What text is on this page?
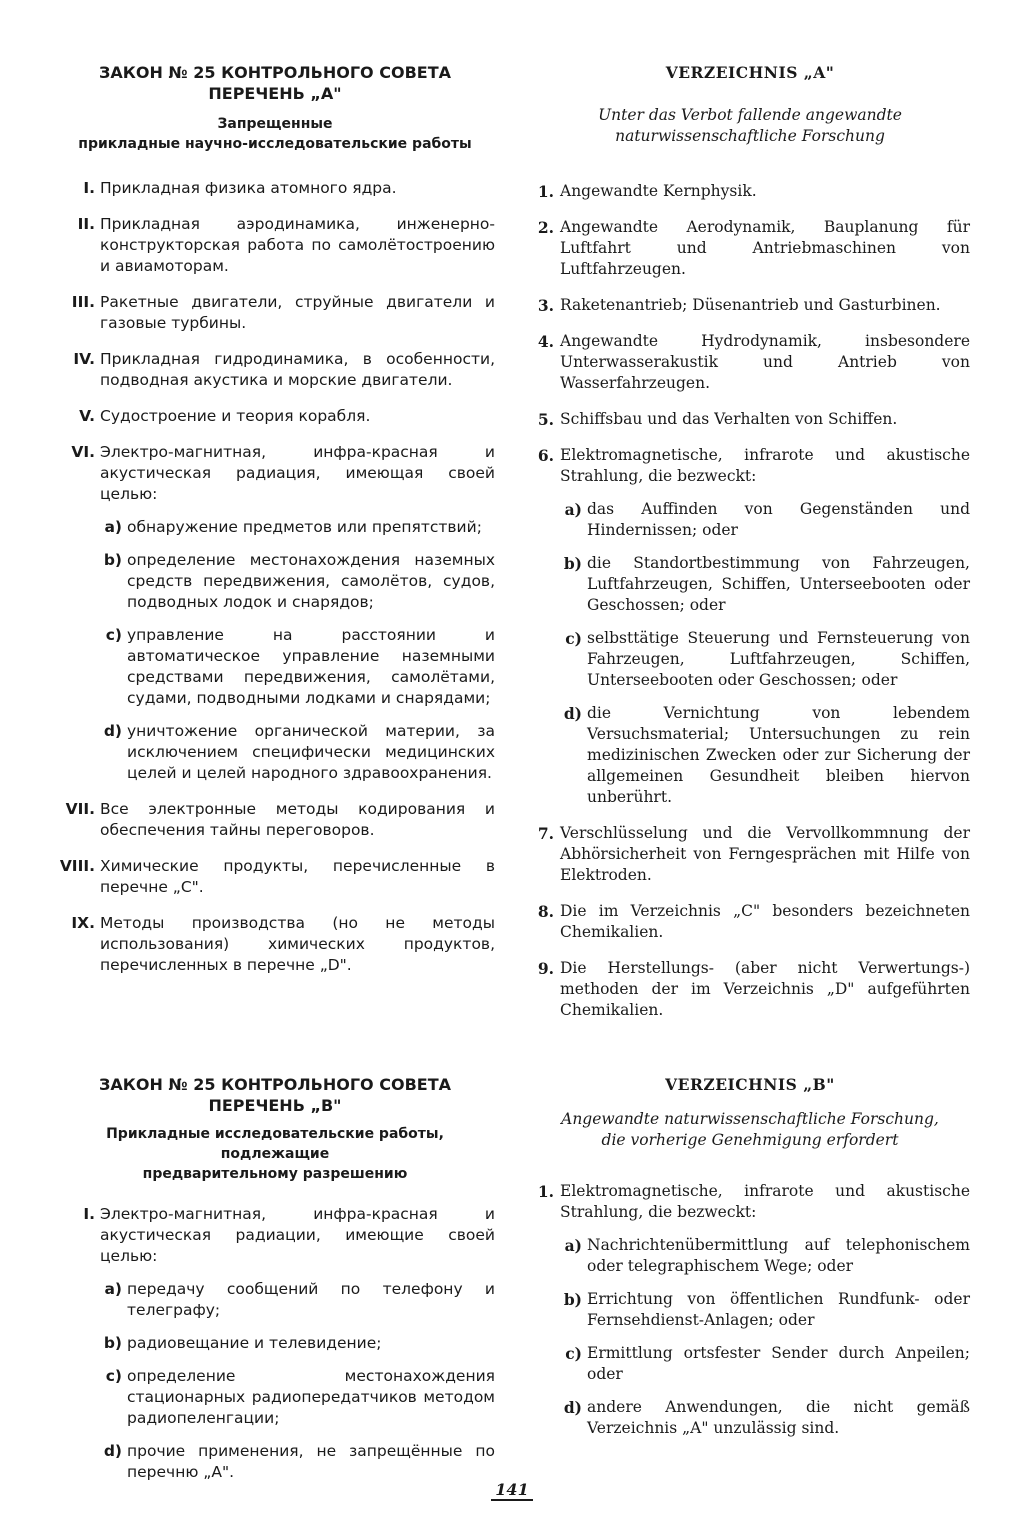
ЗАКОН № 25 КОНТРОЛЬНОГО СОВЕТА

ПЕРЕЧЕНЬ „А"

Запрещенные

прикладные научно-исследовательские работы

I. Прикладная физика атомного ядра.
II. Прикладная аэродинамика, инженерно-конструкторская работа по самолётостроению и авиамоторам.
III. Ракетные двигатели, струйные двигатели и газовые турбины.
IV. Прикладная гидродинамика, в особенности, подводная акустика и морские двигатели.
V. Судостроение и теория корабля.
VI. Электро-магнитная, инфра-красная и акустическая радиация, имеющая своей целью:
a) обнаружение предметов или препятствий;
b) определение местонахождения наземных средств передвижения, самолётов, судов, подводных лодок и снарядов;
c) управление на расстоянии и автоматическое управление наземными средствами передвижения, самолётами, судами, подводными лодками и снарядами;
d) уничтожение органической материи, за исключением специфически медицинских целей и целей народного здравоохранения.
VII. Все электронные методы кодирования и обеспечения тайны переговоров.
VIII. Химические продукты, перечисленные в перечне „С".
IX. Методы производства (но не методы использования) химических продуктов, перечисленных в перечне „D".

VERZEICHNIS „A"

Unter das Verbot fallende angewandte

naturwissenschaftliche Forschung

1. Angewandte Kernphysik.
2. Angewandte Aerodynamik, Bauplanung für Luftfahrt und Antriebmaschinen von Luftfahrzeugen.
3. Raketenantrieb; Düsenantrieb und Gasturbinen.
4. Angewandte Hydrodynamik, insbesondere Unterwasserakustik und Antrieb von Wasserfahrzeugen.
5. Schiffsbau und das Verhalten von Schiffen.
6. Elektromagnetische, infrarote und akustische Strahlung, die bezweckt:
a) das Auffinden von Gegenständen und Hindernissen; oder
b) die Standortbestimmung von Fahrzeugen, Luftfahrzeugen, Schiffen, Unterseebooten oder Geschossen; oder
c) selbsttätige Steuerung und Fernsteuerung von Fahrzeugen, Luftfahrzeugen, Schiffen, Unterseebooten oder Geschossen; oder
d) die Vernichtung von lebendem Versuchsmaterial; Untersuchungen zu rein medizinischen Zwecken oder zur Sicherung der allgemeinen Gesundheit bleiben hiervon unberührt.
7. Verschlüsselung und die Vervollkommnung der Abhörsicherheit von Ferngesprächen mit Hilfe von Elektroden.
8. Die im Verzeichnis „C" besonders bezeichneten Chemikalien.
9. Die Herstellungs- (aber nicht Verwertungs-) methoden der im Verzeichnis „D" aufgeführten Chemikalien.

ЗАКОН № 25 КОНТРОЛЬНОГО СОВЕТА

ПЕРЕЧЕНЬ „В"

Прикладные исследовательские работы, подлежащие

предварительному разрешению

I. Электро-магнитная, инфра-красная и акустическая радиации, имеющие своей целью:
a) передачу сообщений по телефону и телеграфу;
b) радиовещание и телевидение;
c) определение местонахождения стационарных радиопередатчиков методом радиопеленгации;
d) прочие применения, не запрещённые по перечню „А".

VERZEICHNIS „B"

Angewandte naturwissenschaftliche Forschung,

die vorherige Genehmigung erfordert

1. Elektromagnetische, infrarote und akustische Strahlung, die bezweckt:
a) Nachrichtenübermittlung auf telephonischem oder telegraphischem Wege; oder
b) Errichtung von öffentlichen Rundfunk- oder Fernsehdienst-Anlagen; oder
c) Ermittlung ortsfester Sender durch Anpeilen; oder
d) andere Anwendungen, die nicht gemäß Verzeichnis „A" unzulässig sind.
141
